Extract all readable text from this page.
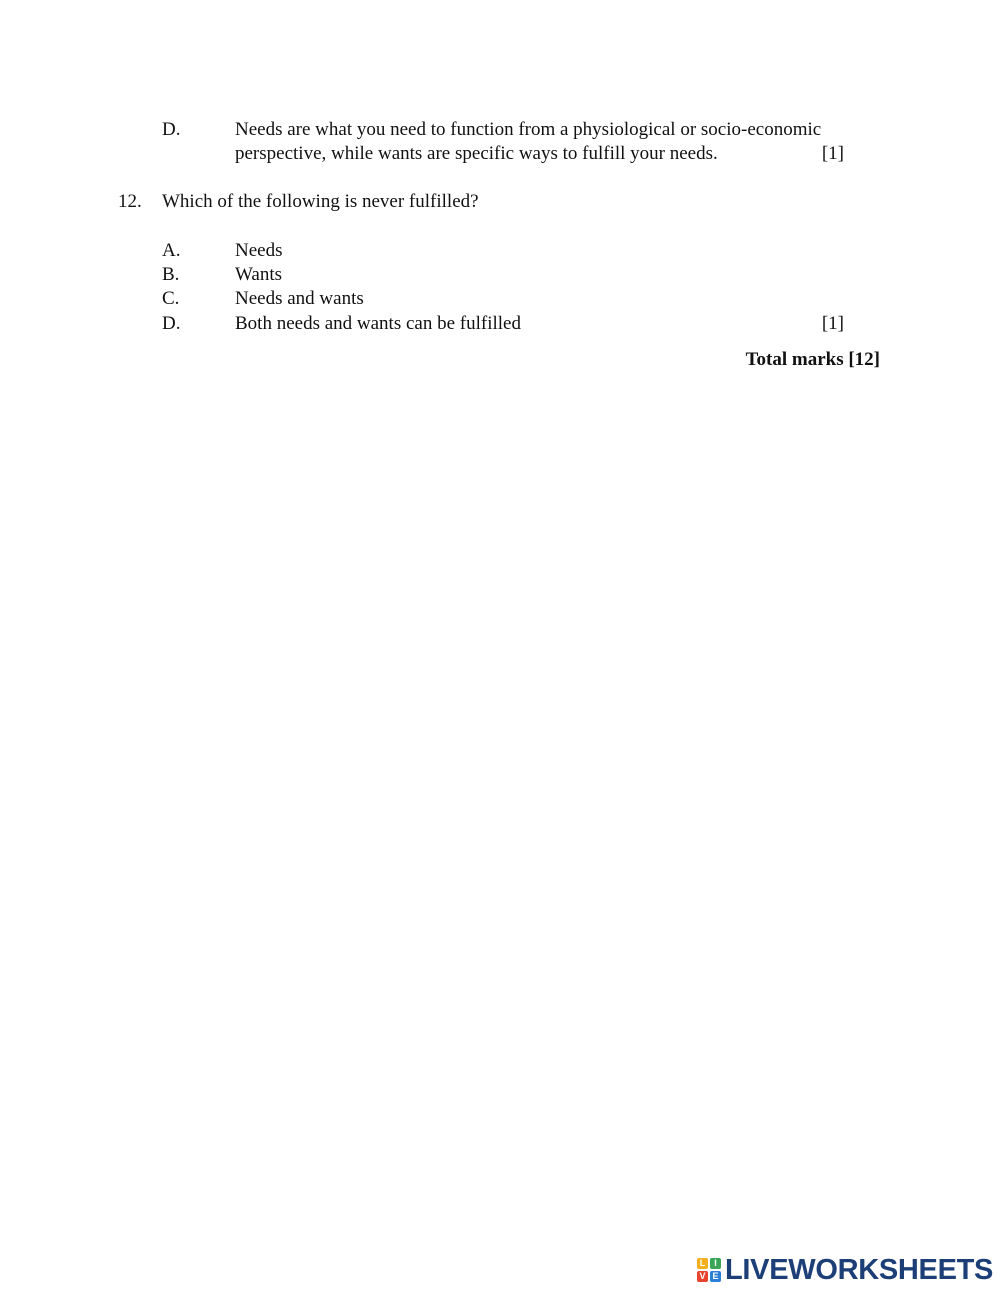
D.	Needs are what you need to function from a physiological or socio-economic
perspective, while wants are specific ways to fulfill your needs.	[1]
12. Which of the following is never fulfilled?
A.	Needs
B.	Wants
C.	Needs and wants
D.	Both needs and wants can be fulfilled	[1]
Total marks [12]
L I
V E LIVEWORKSHEETS
